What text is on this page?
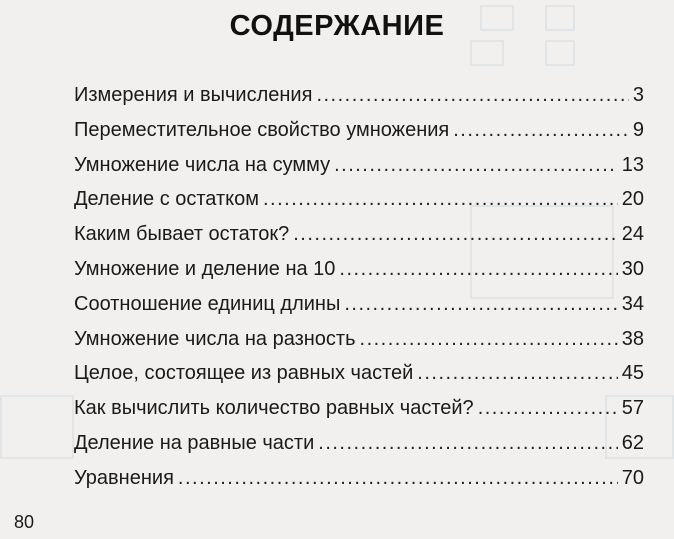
СОДЕРЖАНИЕ
Измерения и вычисления .....	3
Переместительное свойство умножения .....	9
Умножение числа на сумму .....	13
Деление с остатком .....	20
Каким бывает остаток? .....	24
Умножение и деление на 10 .....	30
Соотношение единиц длины .....	34
Умножение числа на разность .....	38
Целое, состоящее из равных частей .....	45
Как вычислить количество равных частей? .....	57
Деление на равные части .....	62
Уравнения .....	70
80
